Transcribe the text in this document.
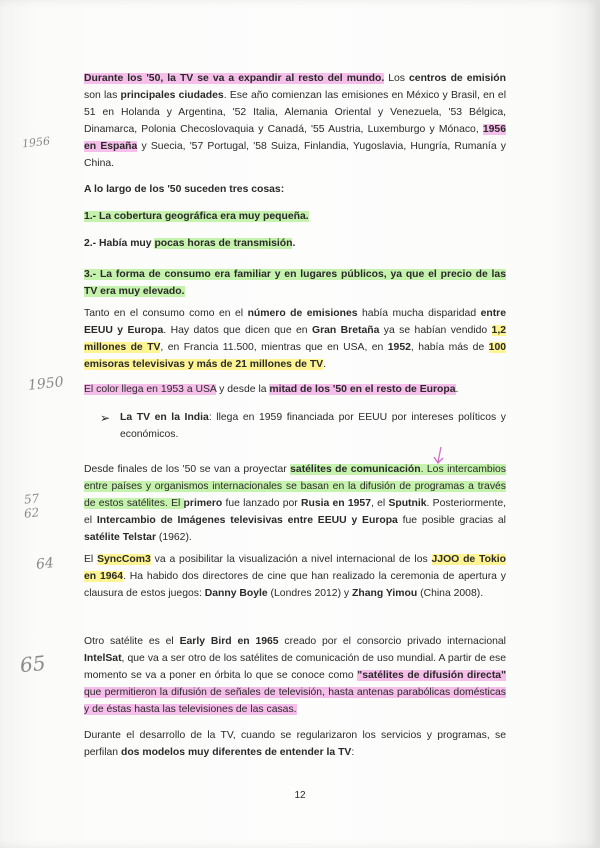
1956
1950
57
62
64
65

Durante los '50, la TV se va a expandir al resto del mundo. Los centros de emisión son las principales ciudades. Ese año comienzan las emisiones en México y Brasil, en el 51 en Holanda y Argentina, '52 Italia, Alemania Oriental y Venezuela, '53 Bélgica, Dinamarca, Polonia Checoslovaquia y Canadá, '55 Austria, Luxemburgo y Mónaco, 1956 en España y Suecia, '57 Portugal, '58 Suiza, Finlandia, Yugoslavia, Hungría, Rumanía y China.

A lo largo de los '50 suceden tres cosas:

1.- La cobertura geográfica era muy pequeña.

2.- Había muy pocas horas de transmisión.

3.- La forma de consumo era familiar y en lugares públicos, ya que el precio de las TV era muy elevado.

Tanto en el consumo como en el número de emisiones había mucha disparidad entre EEUU y Europa. Hay datos que dicen que en Gran Bretaña ya se habían vendido 1,2 millones de TV, en Francia 11.500, mientras que en USA, en 1952, había más de 100 emisoras televisivas y más de 21 millones de TV.

El color llega en 1953 a USA y desde la mitad de los '50 en el resto de Europa.

➢ La TV en la India: llega en 1959 financiada por EEUU por intereses políticos y económicos.

Desde finales de los '50 se van a proyectar satélites de comunicación. Los intercambios entre países y organismos internacionales se basan en la difusión de programas a través de estos satélites. El primero fue lanzado por Rusia en 1957, el Sputnik. Posteriormente, el Intercambio de Imágenes televisivas entre EEUU y Europa fue posible gracias al satélite Telstar (1962).

El SyncCom3 va a posibilitar la visualización a nivel internacional de los JJOO de Tokio en 1964. Ha habido dos directores de cine que han realizado la ceremonia de apertura y clausura de estos juegos: Danny Boyle (Londres 2012) y Zhang Yimou (China 2008).

Otro satélite es el Early Bird en 1965 creado por el consorcio privado internacional IntelSat, que va a ser otro de los satélites de comunicación de uso mundial. A partir de ese momento se va a poner en órbita lo que se conoce como "satélites de difusión directa" que permitieron la difusión de señales de televisión, hasta antenas parabólicas domésticas y de éstas hasta las televisiones de las casas.

Durante el desarrollo de la TV, cuando se regularizaron los servicios y programas, se perfilan dos modelos muy diferentes de entender la TV:

12
